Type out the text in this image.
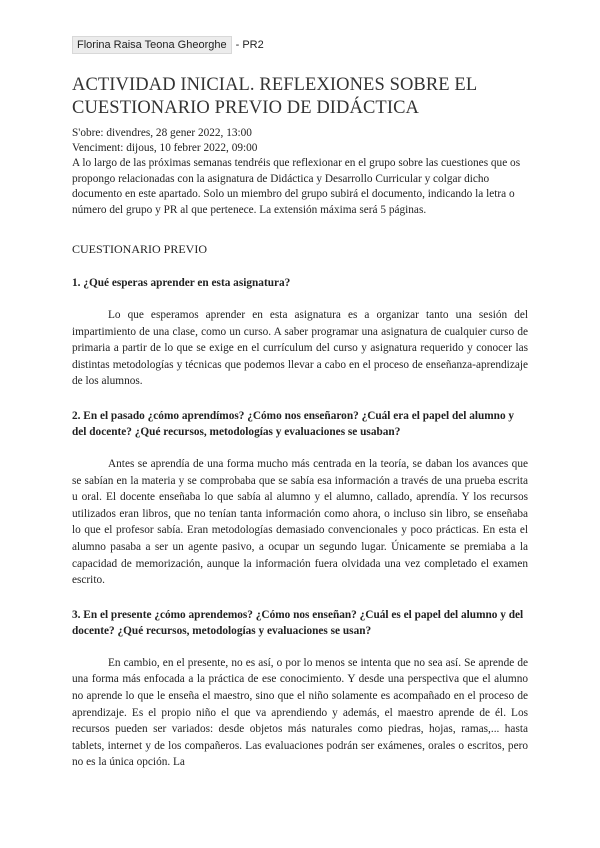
Florina Raisa Teona Gheorghe - PR2
ACTIVIDAD INICIAL. REFLEXIONES SOBRE EL CUESTIONARIO PREVIO DE DIDÁCTICA

S'obre: divendres, 28 gener 2022, 13:00

Venciment: dijous, 10 febrer 2022, 09:00

A lo largo de las próximas semanas tendréis que reflexionar en el grupo sobre las cuestiones que os propongo relacionadas con la asignatura de Didáctica y Desarrollo Curricular y colgar dicho documento en este apartado. Solo un miembro del grupo subirá el documento, indicando la letra o número del grupo y PR al que pertenece. La extensión máxima será 5 páginas.

CUESTIONARIO PREVIO

1. ¿Qué esperas aprender en esta asignatura?

Lo que esperamos aprender en esta asignatura es a organizar tanto una sesión del impartimiento de una clase, como un curso. A saber programar una asignatura de cualquier curso de primaria a partir de lo que se exige en el currículum del curso y asignatura requerido y conocer las distintas metodologías y técnicas que podemos llevar a cabo en el proceso de enseñanza-aprendizaje de los alumnos.

2. En el pasado ¿cómo aprendímos? ¿Cómo nos enseñaron? ¿Cuál era el papel del alumno y del docente? ¿Qué recursos, metodologías y evaluaciones se usaban?

Antes se aprendía de una forma mucho más centrada en la teoría, se daban los avances que se sabían en la materia y se comprobaba que se sabía esa información a través de una prueba escrita u oral. El docente enseñaba lo que sabía al alumno y el alumno, callado, aprendía. Y los recursos utilizados eran libros, que no tenían tanta información como ahora, o incluso sin libro, se enseñaba lo que el profesor sabía. Eran metodologías demasiado convencionales y poco prácticas. En esta el alumno pasaba a ser un agente pasivo, a ocupar un segundo lugar. Únicamente se premiaba a la capacidad de memorización, aunque la información fuera olvidada una vez completado el examen escrito.

3. En el presente ¿cómo aprendemos? ¿Cómo nos enseñan? ¿Cuál es el papel del alumno y del docente? ¿Qué recursos, metodologías y evaluaciones se usan?

En cambio, en el presente, no es así, o por lo menos se intenta que no sea así. Se aprende de una forma más enfocada a la práctica de ese conocimiento. Y desde una perspectiva que el alumno no aprende lo que le enseña el maestro, sino que el niño solamente es acompañado en el proceso de aprendizaje. Es el propio niño el que va aprendiendo y además, el maestro aprende de él. Los recursos pueden ser variados: desde objetos más naturales como piedras, hojas, ramas,... hasta tablets, internet y de los compañeros. Las evaluaciones podrán ser exámenes, orales o escritos, pero no es la única opción. La
